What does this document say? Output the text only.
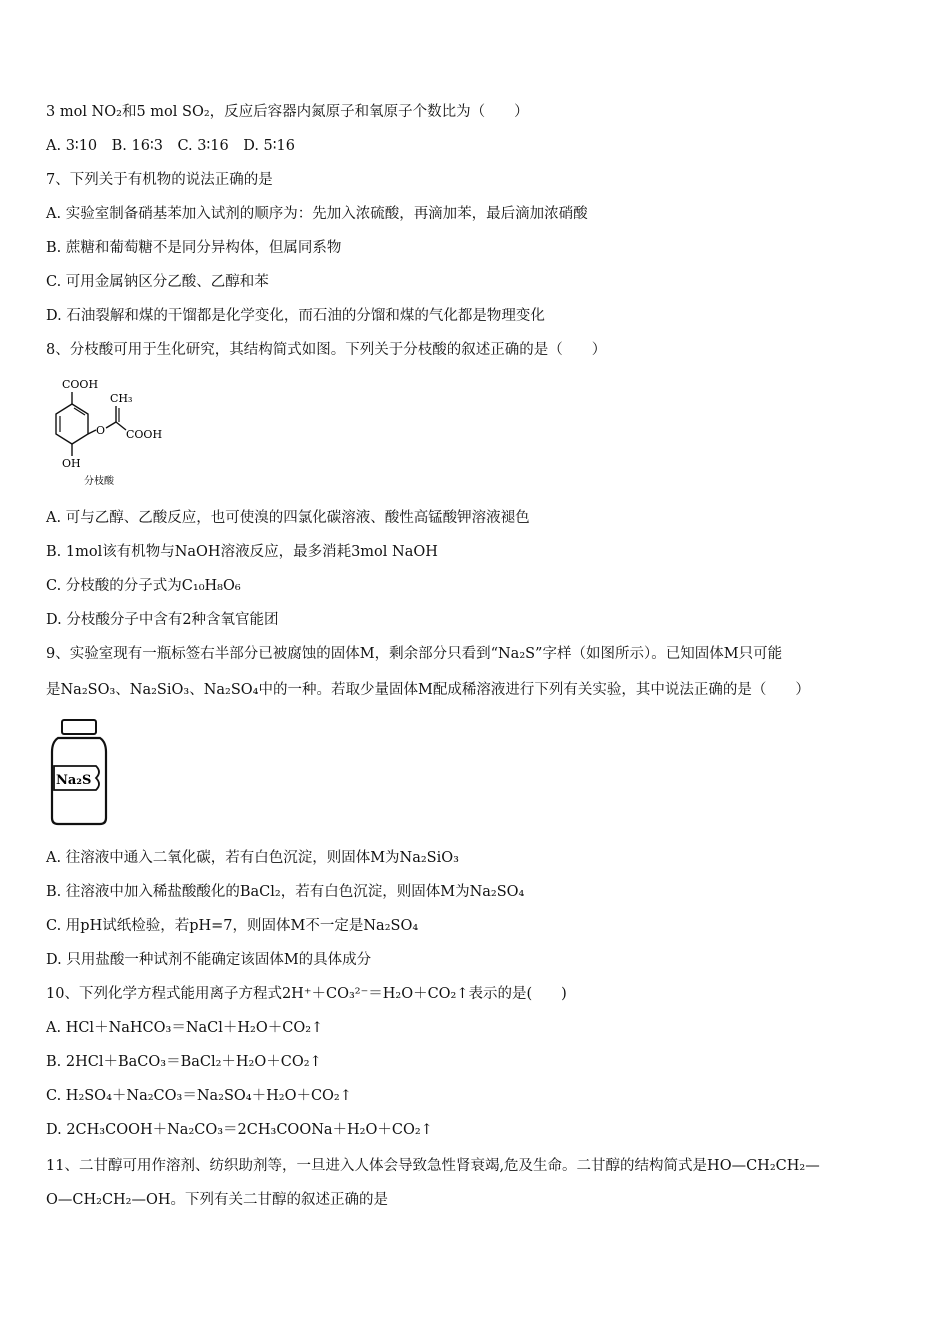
3 mol NO₂和5 mol SO₂，反应后容器内氮原子和氧原子个数比为（　　）
A. 3∶10　B. 16∶3　C. 3∶16　D. 5∶16
7、下列关于有机物的说法正确的是
A. 实验室制备硝基苯加入试剂的顺序为：先加入浓硫酸，再滴加苯，最后滴加浓硝酸
B. 蔗糖和葡萄糖不是同分异构体，但属同系物
C. 可用金属钠区分乙酸、乙醇和苯
D. 石油裂解和煤的干馏都是化学变化，而石油的分馏和煤的气化都是物理变化
8、分枝酸可用于生化研究，其结构简式如图。下列关于分枝酸的叙述正确的是（　　）
COOH
OH
O
CH₃
COOH
分枝酸
A. 可与乙醇、乙酸反应，也可使溴的四氯化碳溶液、酸性高锰酸钾溶液褪色
B. 1mol该有机物与NaOH溶液反应，最多消耗3mol NaOH
C. 分枝酸的分子式为C₁₀H₈O₆
D. 分枝酸分子中含有2种含氧官能团
9、实验室现有一瓶标签右半部分已被腐蚀的固体M，剩余部分只看到“Na₂S”字样（如图所示）。已知固体M只可能
是Na₂SO₃、Na₂SiO₃、Na₂SO₄中的一种。若取少量固体M配成稀溶液进行下列有关实验，其中说法正确的是（　　）
Na₂S
A. 往溶液中通入二氧化碳，若有白色沉淀，则固体M为Na₂SiO₃
B. 往溶液中加入稀盐酸酸化的BaCl₂，若有白色沉淀，则固体M为Na₂SO₄
C. 用pH试纸检验，若pH=7，则固体M不一定是Na₂SO₄
D. 只用盐酸一种试剂不能确定该固体M的具体成分
10、下列化学方程式能用离子方程式2H⁺＋CO₃²⁻＝H₂O＋CO₂↑表示的是(　　)
A. HCl＋NaHCO₃＝NaCl＋H₂O＋CO₂↑
B. 2HCl＋BaCO₃＝BaCl₂＋H₂O＋CO₂↑
C. H₂SO₄＋Na₂CO₃＝Na₂SO₄＋H₂O＋CO₂↑
D. 2CH₃COOH＋Na₂CO₃＝2CH₃COONa＋H₂O＋CO₂↑
11、二甘醇可用作溶剂、纺织助剂等，一旦进入人体会导致急性肾衰竭,危及生命。二甘醇的结构简式是HO—CH₂CH₂—
O—CH₂CH₂—OH。下列有关二甘醇的叙述正确的是
